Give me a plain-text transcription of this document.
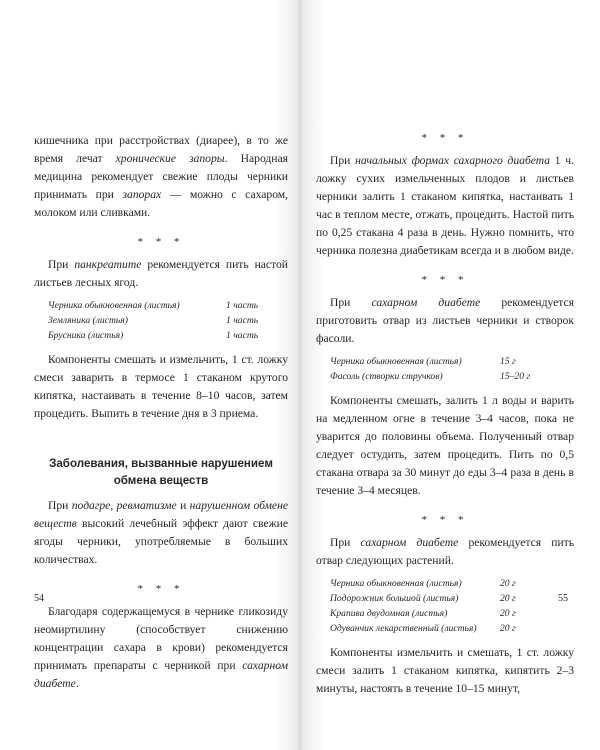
кишечника при расстройствах (диарее), в то же время лечат хронические запоры. Народная медицина рекомендует свежие плоды черники принимать при запорах — можно с сахаром, молоком или сливками.

* * *

При панкреатите рекомендуется пить настой листьев лесных ягод.

Черника обыкновенная (листья)	1 часть
Земляника (листья)	1 часть
Брусника (листья)	1 часть

Компоненты смешать и измельчить, 1 ст. ложку смеси заварить в термосе 1 стаканом крутого кипятка, настаивать в течение 8–10 часов, затем процедить. Выпить в течение дня в 3 приема.

Заболевания, вызванные нарушением
обмена веществ

При подагре, ревматизме и нарушенном обмене веществ высокий лечебный эффект дают свежие ягоды черники, употребляемые в больших количествах.

* * *

Благодаря содержащемуся в чернике гликозиду неомиртилину (способствует снижению концентрации сахара в крови) рекомендуется принимать препараты с черникой при сахарном диабете.

* * *

При начальных формах сахарного диабета 1 ч. ложку сухих измельченных плодов и листьев черники залить 1 стаканом кипятка, настаивать 1 час в теплом месте, отжать, процедить. Настой пить по 0,25 стакана 4 раза в день. Нужно помнить, что черника полезна диабетикам всегда и в любом виде.

* * *

При сахарном диабете рекомендуется приготовить отвар из листьев черники и створок фасоли.

Черника обыкновенная (листья)	15 г
Фасоль (створки стручков)	15–20 г

Компоненты смешать, залить 1 л воды и варить на медленном огне в течение 3–4 часов, пока не уварится до половины объема. Полученный отвар следует остудить, затем процедить. Пить по 0,5 стакана отвара за 30 минут до еды 3–4 раза в день в течение 3–4 месяцев.

* * *

При сахарном диабете рекомендуется пить отвар следующих растений.

Черника обыкновенная (листья)	20 г
Подорожник большой (листья)	20 г
Крапива двудомная (листья)	20 г
Одуванчик лекарственный (листья)	20 г

Компоненты измельчить и смешать, 1 ст. ложку смеси залить 1 стаканом кипятка, кипятить 2–3 минуты, настоять в течение 10–15 минут,

54	55
